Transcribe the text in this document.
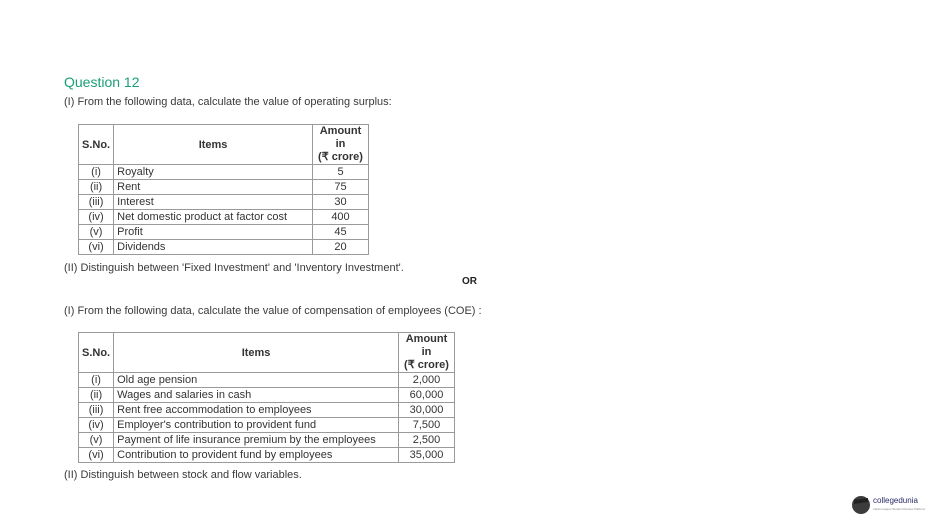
Question 12
(I) From the following data, calculate the value of operating surplus:
S.No.	Items	Amount in
(₹ crore)
(i)	Royalty	5
(ii)	Rent	75
(iii)	Interest	30
(iv)	Net domestic product at factor cost	400
(v)	Profit	45
(vi)	Dividends	20
(II) Distinguish between 'Fixed Investment' and 'Inventory Investment'.
OR
(I) From the following data, calculate the value of compensation of employees (COE) :
S.No.	Items	Amount in
(₹ crore)
(i)	Old age pension	2,000
(ii)	Wages and salaries in cash	60,000
(iii)	Rent free accommodation to employees	30,000
(iv)	Employer's contribution to provident fund	7,500
(v)	Payment of life insurance premium by the employees	2,500
(vi)	Contribution to provident fund by employees	35,000
(II) Distinguish between stock and flow variables.
collegedunia
India's largest Student Review Platform
